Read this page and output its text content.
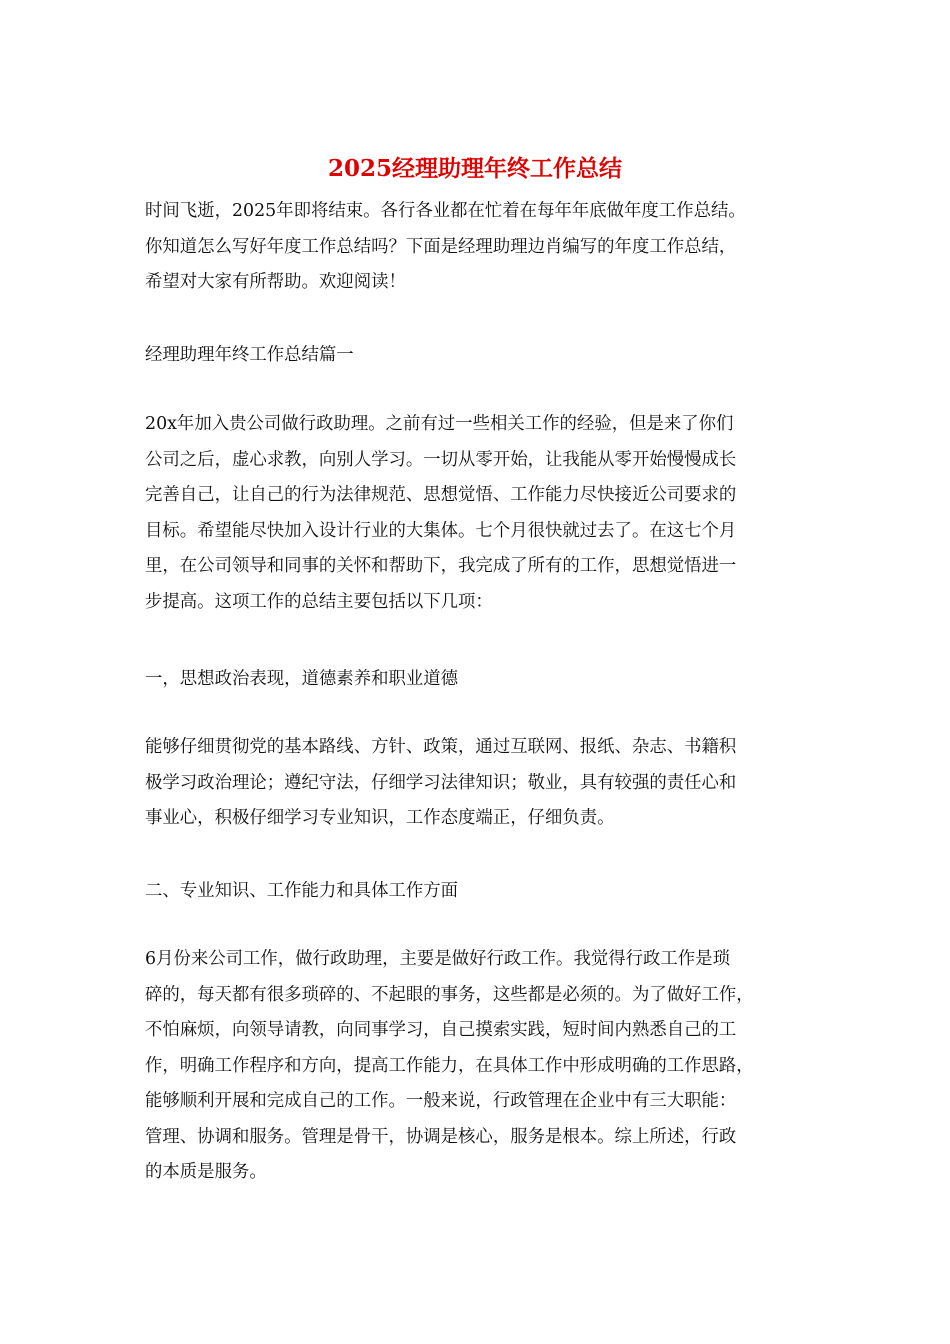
2025经理助理年终工作总结

时间飞逝，2025年即将结束。各行各业都在忙着在每年年底做年度工作总结。
你知道怎么写好年度工作总结吗？下面是经理助理边肖编写的年度工作总结，
希望对大家有所帮助。欢迎阅读！

经理助理年终工作总结篇一

20x年加入贵公司做行政助理。之前有过一些相关工作的经验，但是来了你们
公司之后，虚心求教，向别人学习。一切从零开始，让我能从零开始慢慢成长
完善自己，让自己的行为法律规范、思想觉悟、工作能力尽快接近公司要求的
目标。希望能尽快加入设计行业的大集体。七个月很快就过去了。在这七个月
里，在公司领导和同事的关怀和帮助下，我完成了所有的工作，思想觉悟进一
步提高。这项工作的总结主要包括以下几项：

一，思想政治表现，道德素养和职业道德

能够仔细贯彻党的基本路线、方针、政策，通过互联网、报纸、杂志、书籍积
极学习政治理论；遵纪守法，仔细学习法律知识；敬业，具有较强的责任心和
事业心，积极仔细学习专业知识，工作态度端正，仔细负责。

二、专业知识、工作能力和具体工作方面

6月份来公司工作，做行政助理，主要是做好行政工作。我觉得行政工作是琐
碎的，每天都有很多琐碎的、不起眼的事务，这些都是必须的。为了做好工作，
不怕麻烦，向领导请教，向同事学习，自己摸索实践，短时间内熟悉自己的工
作，明确工作程序和方向，提高工作能力，在具体工作中形成明确的工作思路，
能够顺利开展和完成自己的工作。一般来说，行政管理在企业中有三大职能：
管理、协调和服务。管理是骨干，协调是核心，服务是根本。综上所述，行政
的本质是服务。
